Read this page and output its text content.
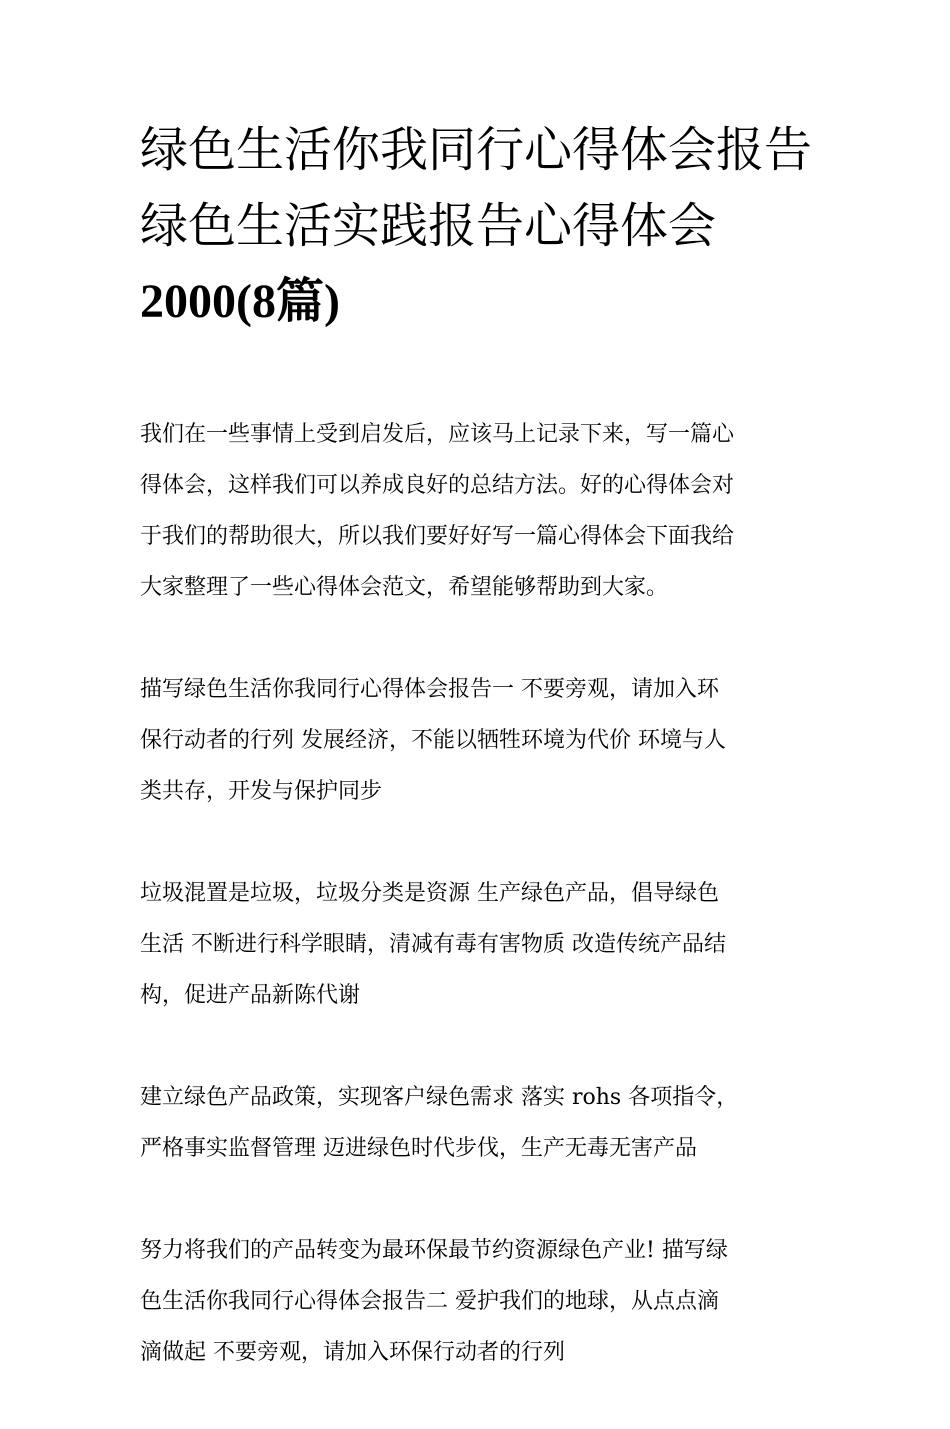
绿色生活你我同行心得体会报告 绿色生活实践报告心得体会
2000(8篇)

我们在一些事情上受到启发后，应该马上记录下来，写一篇心
得体会，这样我们可以养成良好的总结方法。好的心得体会对
于我们的帮助很大，所以我们要好好写一篇心得体会下面我给
大家整理了一些心得体会范文，希望能够帮助到大家。

描写绿色生活你我同行心得体会报告一 不要旁观，请加入环
保行动者的行列 发展经济，不能以牺牲环境为代价 环境与人
类共存，开发与保护同步

垃圾混置是垃圾，垃圾分类是资源 生产绿色产品，倡导绿色
生活 不断进行科学眼睛，清减有毒有害物质 改造传统产品结
构，促进产品新陈代谢

建立绿色产品政策，实现客户绿色需求 落实 rohs 各项指令，
严格事实监督管理 迈进绿色时代步伐，生产无毒无害产品

努力将我们的产品转变为最环保最节约资源绿色产业! 描写绿
色生活你我同行心得体会报告二 爱护我们的地球，从点点滴
滴做起 不要旁观，请加入环保行动者的行列
